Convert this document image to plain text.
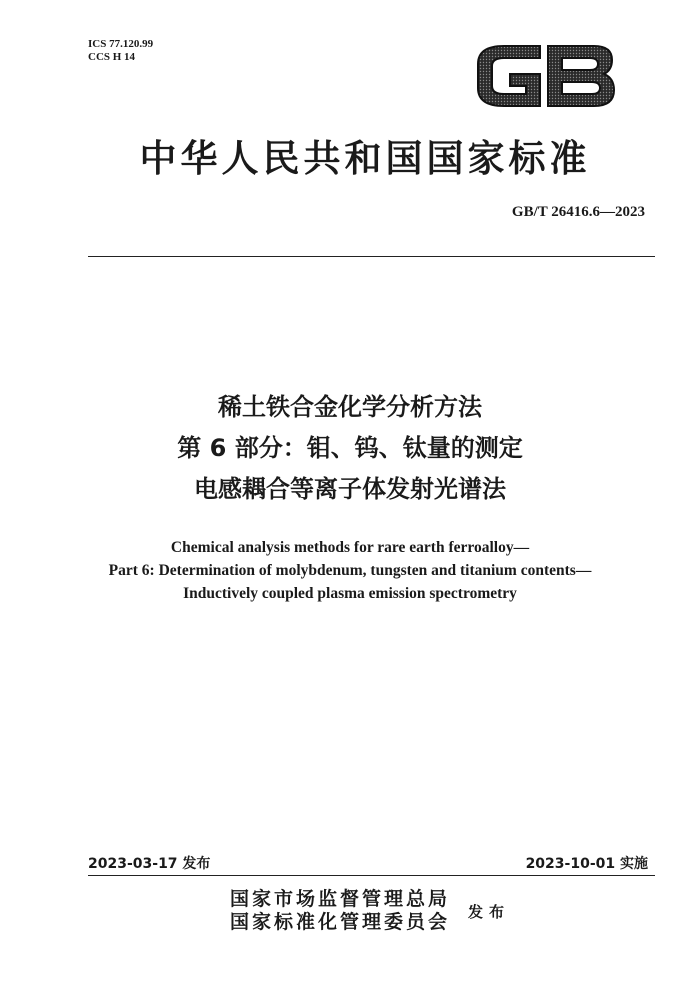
ICS 77.120.99
CCS H 14
中华人民共和国国家标准
GB/T 26416.6—2023
稀土铁合金化学分析方法
第 6 部分：钼、钨、钛量的测定
电感耦合等离子体发射光谱法
Chemical analysis methods for rare earth ferroalloy—
Part 6: Determination of molybdenum, tungsten and titanium contents—
Inductively coupled plasma emission spectrometry
2023-03-17 发布	2023-10-01 实施
国家市场监督管理总局
国家标准化管理委员会 发布
